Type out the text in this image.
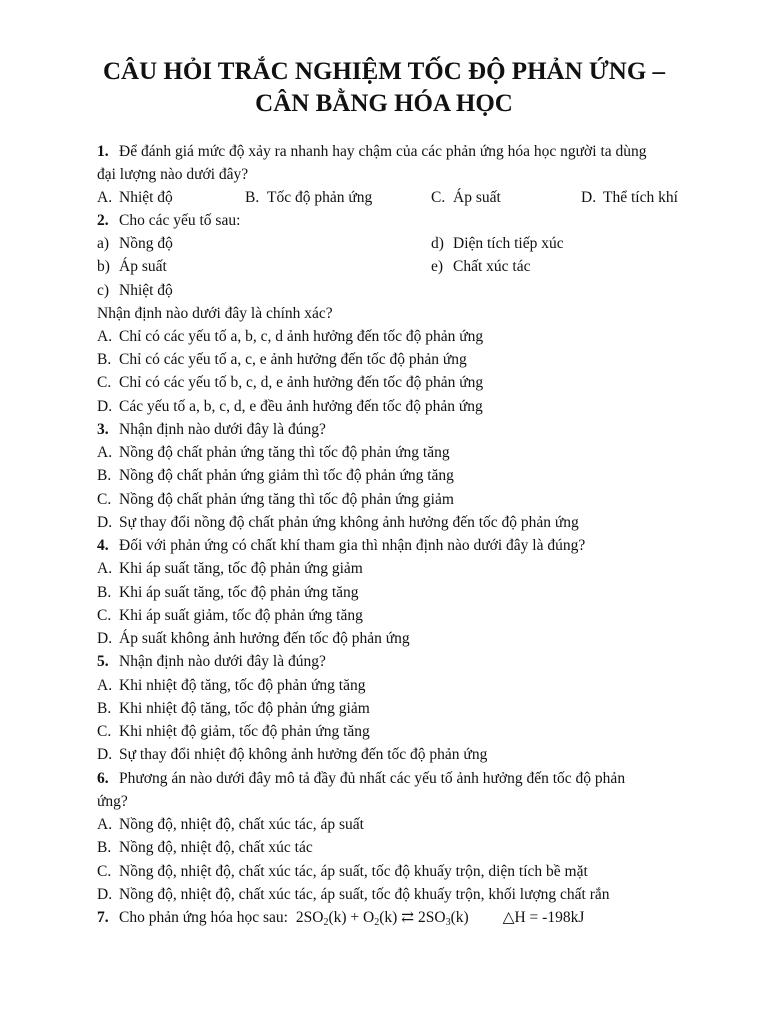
CÂU HỎI TRẮC NGHIỆM TỐC ĐỘ PHẢN ỨNG –
CÂN BẰNG HÓA HỌC
1. Để đánh giá mức độ xảy ra nhanh hay chậm của các phản ứng hóa học người ta dùng
đại lượng nào dưới đây?
A. Nhiệt độ	B. Tốc độ phản ứng	C. Áp suất	D. Thể tích khí
2. Cho các yếu tố sau:
a) Nồng độ	d) Diện tích tiếp xúc
b) Áp suất	e) Chất xúc tác
c) Nhiệt độ
Nhận định nào dưới đây là chính xác?
A. Chỉ có các yếu tố a, b, c, d ảnh hưởng đến tốc độ phản ứng
B. Chỉ có các yếu tố a, c, e ảnh hưởng đến tốc độ phản ứng
C. Chỉ có các yếu tố b, c, d, e ảnh hưởng đến tốc độ phản ứng
D. Các yếu tố a, b, c, d, e đều ảnh hưởng đến tốc độ phản ứng
3. Nhận định nào dưới đây là đúng?
A. Nồng độ chất phản ứng tăng thì tốc độ phản ứng tăng
B. Nồng độ chất phản ứng giảm thì tốc độ phản ứng tăng
C. Nồng độ chất phản ứng tăng thì tốc độ phản ứng giảm
D. Sự thay đổi nồng độ chất phản ứng không ảnh hưởng đến tốc độ phản ứng
4. Đối với phản ứng có chất khí tham gia thì nhận định nào dưới đây là đúng?
A. Khi áp suất tăng, tốc độ phản ứng giảm
B. Khi áp suất tăng, tốc độ phản ứng tăng
C. Khi áp suất giảm, tốc độ phản ứng tăng
D. Áp suất không ảnh hưởng đến tốc độ phản ứng
5. Nhận định nào dưới đây là đúng?
A. Khi nhiệt độ tăng, tốc độ phản ứng tăng
B. Khi nhiệt độ tăng, tốc độ phản ứng giảm
C. Khi nhiệt độ giảm, tốc độ phản ứng tăng
D. Sự thay đổi nhiệt độ không ảnh hưởng đến tốc độ phản ứng
6. Phương án nào dưới đây mô tả đầy đủ nhất các yếu tố ảnh hưởng đến tốc độ phản
ứng?
A. Nồng độ, nhiệt độ, chất xúc tác, áp suất
B. Nồng độ, nhiệt độ, chất xúc tác
C. Nồng độ, nhiệt độ, chất xúc tác, áp suất, tốc độ khuấy trộn, diện tích bề mặt
D. Nồng độ, nhiệt độ, chất xúc tác, áp suất, tốc độ khuấy trộn, khối lượng chất rắn
7. Cho phản ứng hóa học sau: $2SO_2(k) + O_2(k)$ ⇄ $2SO_3(k)$ △H = -198kJ
